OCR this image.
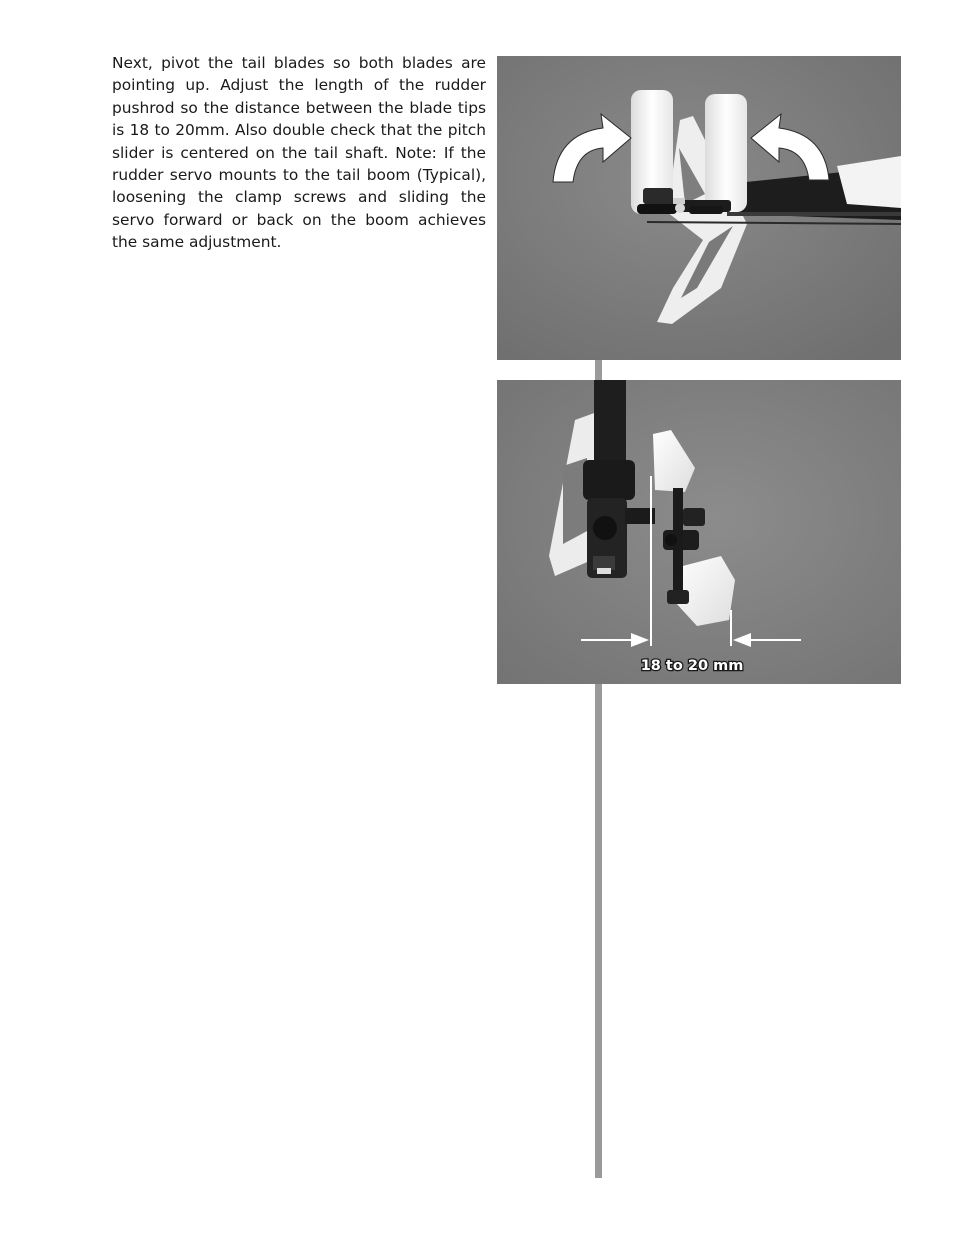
Next, pivot the tail blades so both blades are pointing up. Adjust the length of the rudder pushrod so the distance between the blade tips is 18 to 20mm. Also double check that the pitch slider is centered on the tail shaft. Note: If the rudder servo mounts to the tail boom (Typical), loosening the clamp screws and sliding the servo forward or back on the boom achieves the same adjustment.

18 to 20 mm
